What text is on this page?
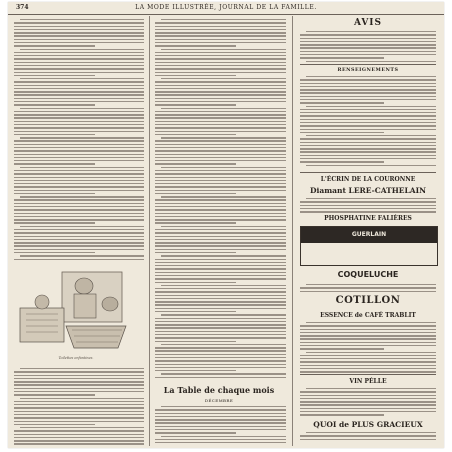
374	LA MODE ILLUSTRÉE, JOURNAL DE LA FAMILLE.
Toilettes enfantines.
La Table de chaque mois
DÉCEMBRE
AVIS
RENSEIGNEMENTS
L'ÉCRIN DE LA COURONNE
Diamant LERE-CATHELAIN
PHOSPHATINE FALIÈRES
GUERLAIN
COQUELUCHE
COTILLON
ESSENCE de CAFÉ TRABLIT
VIN PÉLLE
QUOI de PLUS GRACIEUX
